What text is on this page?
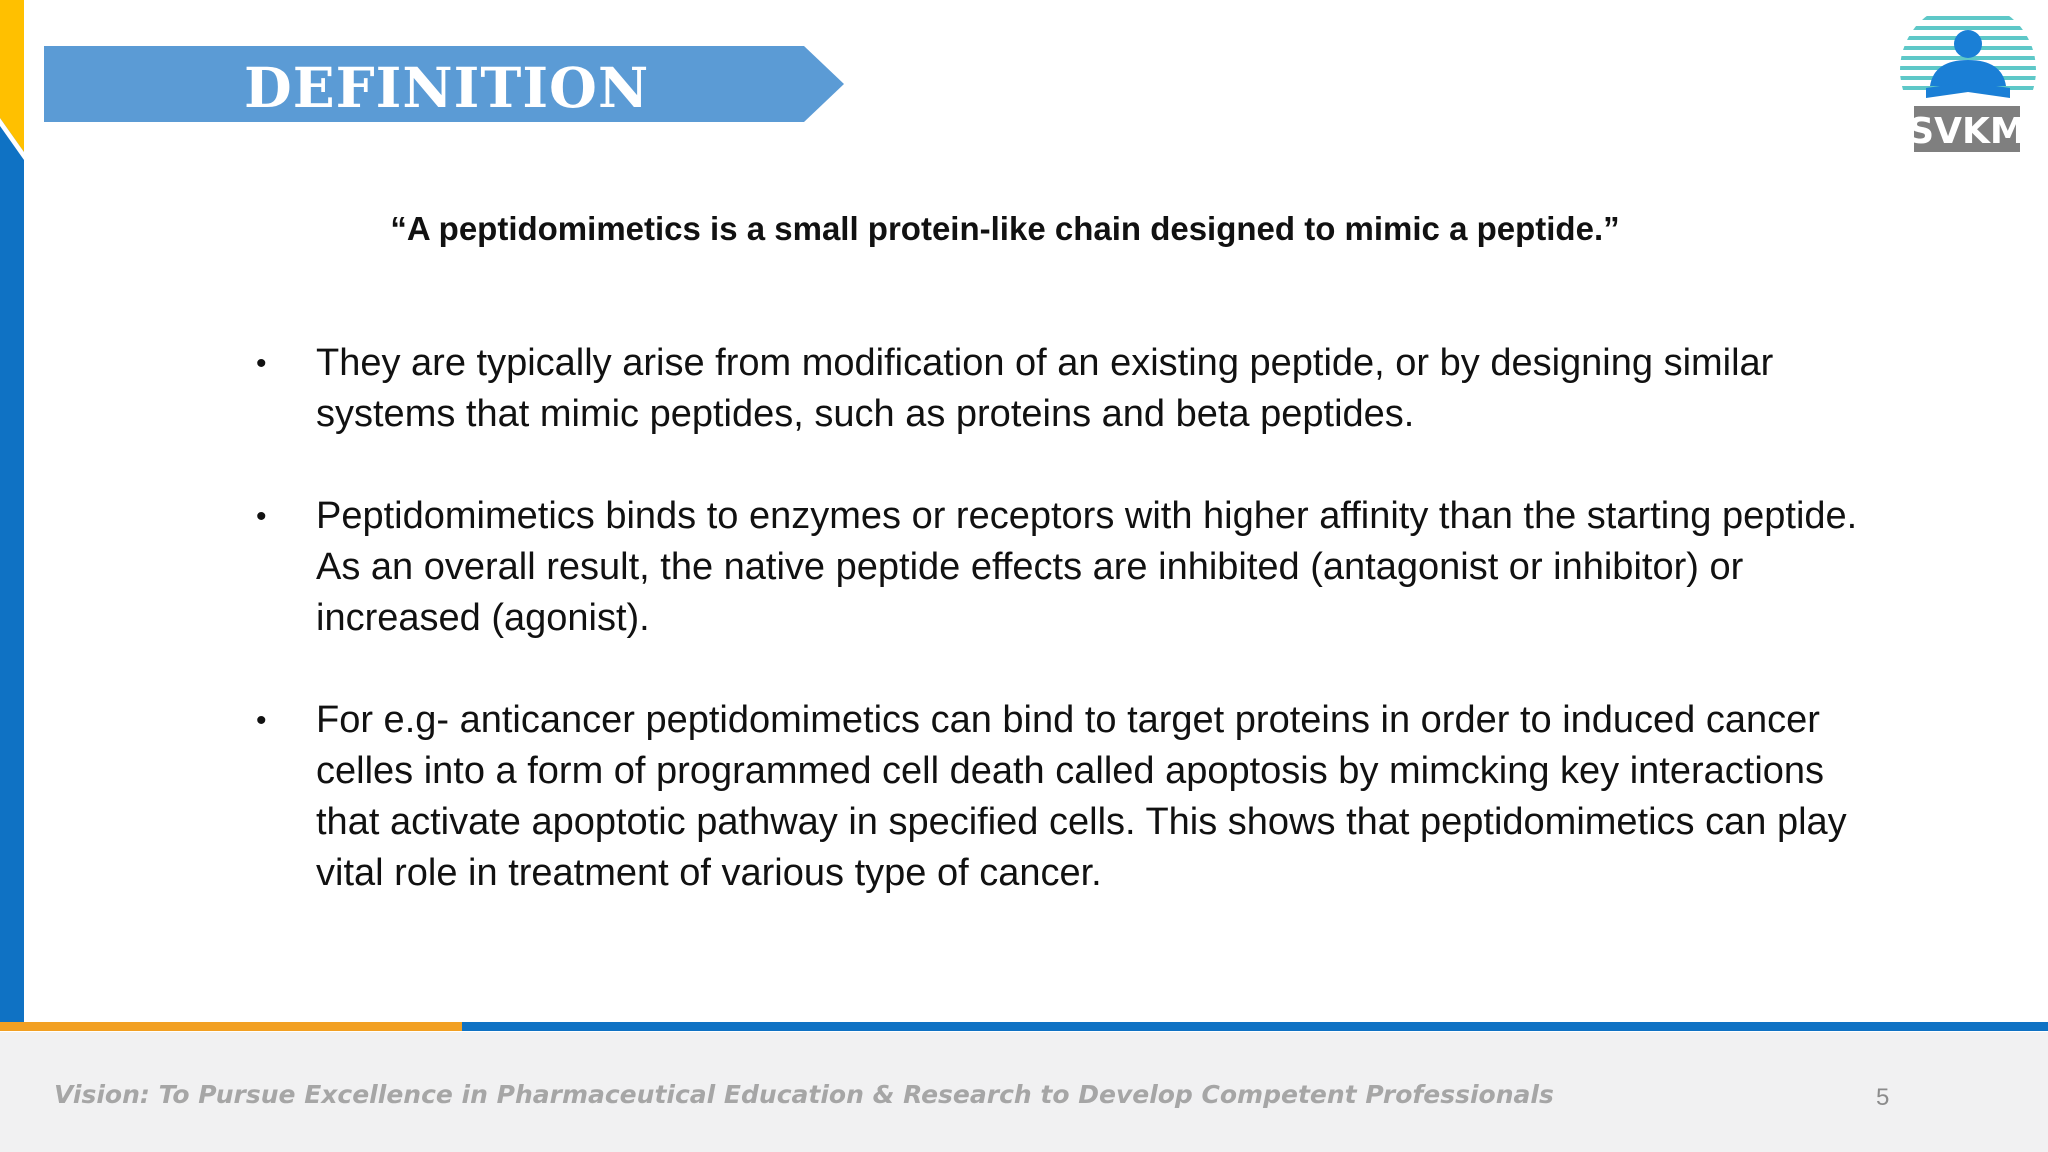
DEFINITION
SVKM
“A peptidomimetics is a small protein-like chain designed to mimic a peptide.”
• They are typically arise from modification of an existing peptide, or by designing similar systems that mimic peptides, such as proteins and beta peptides.
• Peptidomimetics binds to enzymes or receptors with higher affinity than the starting peptide. As an overall result, the native peptide effects are inhibited (antagonist or inhibitor) or increased (agonist).
• For e.g- anticancer peptidomimetics can bind to target proteins in order to induced cancer celles into a form of programmed cell death called apoptosis by mimcking key interactions that activate apoptotic pathway in specified cells. This shows that peptidomimetics can play vital role in treatment of various type of cancer.
Vision: To Pursue Excellence in Pharmaceutical Education & Research to Develop Competent Professionals	5
